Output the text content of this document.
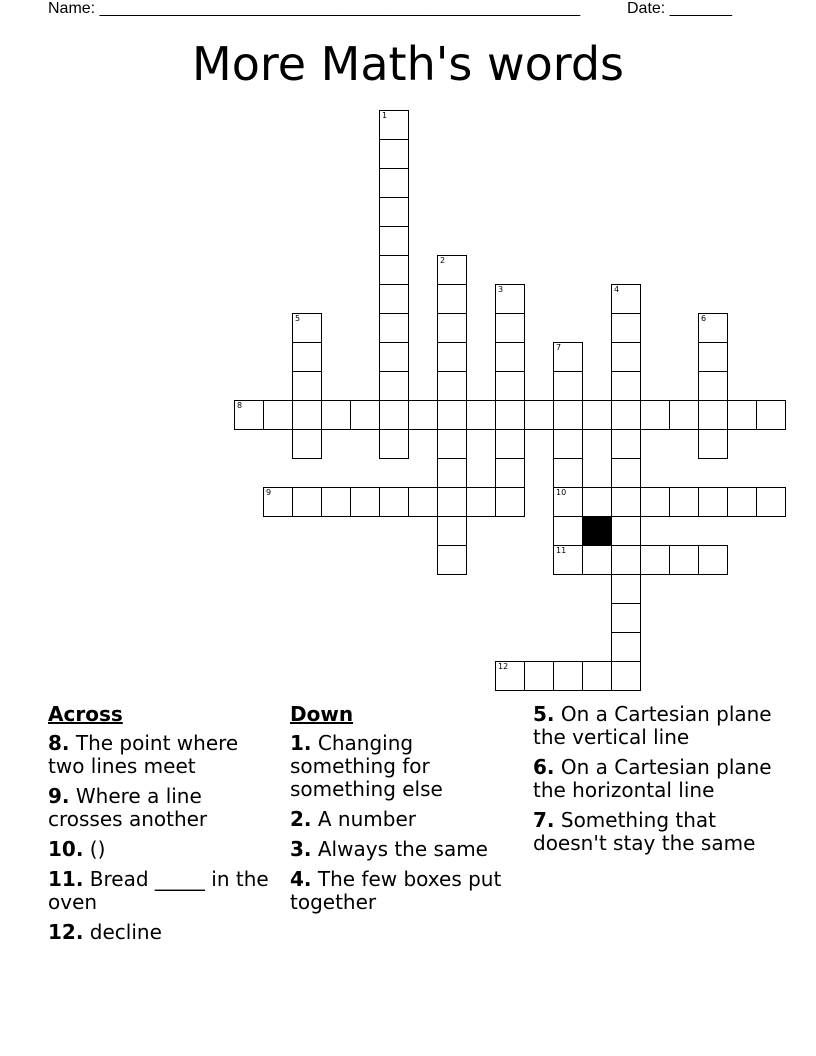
Name: ______________________________________________________	Date: _______
More Math's words
1
2
3	4
5	6
7
10
11
8
9
12
Across
8. The point where two lines meet
9. Where a line crosses another
10. ()
11. Bread _____ in the oven
12. decline
Down
1. Changing something for something else
2. A number
3. Always the same
4. The few boxes put together
5. On a Cartesian plane the vertical line
6. On a Cartesian plane the horizontal line
7. Something that doesn't stay the same
